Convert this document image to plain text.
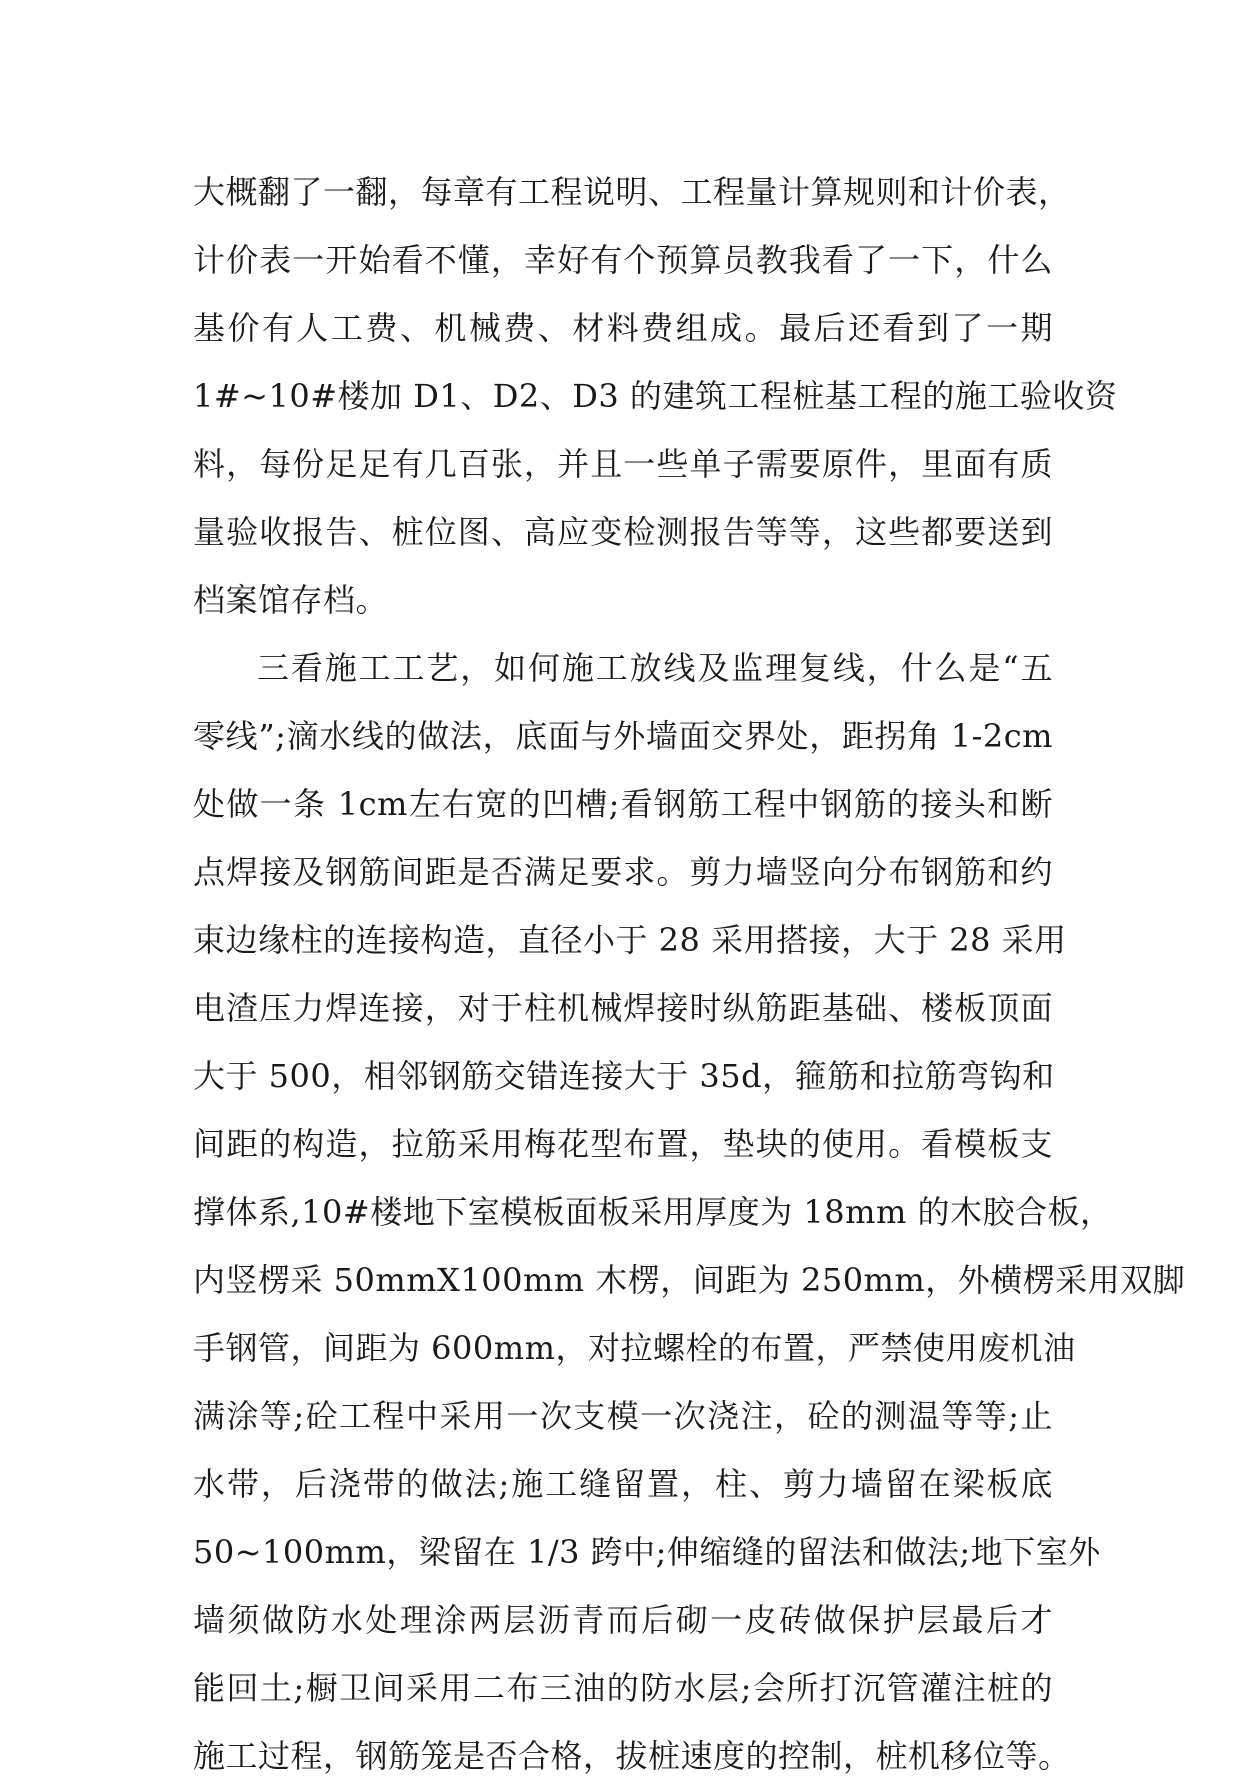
大概翻了一翻，每章有工程说明、工程量计算规则和计价表，
计价表一开始看不懂，幸好有个预算员教我看了一下，什么
基价有人工费、机械费、材料费组成。最后还看到了一期
1#~10#楼加 D1、D2、D3 的建筑工程桩基工程的施工验收资
料，每份足足有几百张，并且一些单子需要原件，里面有质
量验收报告、桩位图、高应变检测报告等等，这些都要送到
档案馆存档。
三看施工工艺，如何施工放线及监理复线，什么是“五
零线”;滴水线的做法，底面与外墙面交界处，距拐角 1-2cm
处做一条 1cm左右宽的凹槽;看钢筋工程中钢筋的接头和断
点焊接及钢筋间距是否满足要求。剪力墙竖向分布钢筋和约
束边缘柱的连接构造，直径小于 28 采用搭接，大于 28 采用
电渣压力焊连接，对于柱机械焊接时纵筋距基础、楼板顶面
大于 500，相邻钢筋交错连接大于 35d，箍筋和拉筋弯钩和
间距的构造，拉筋采用梅花型布置，垫块的使用。看模板支
撑体系,10#楼地下室模板面板采用厚度为 18mm 的木胶合板，
内竖楞采 50mmX100mm 木楞，间距为 250mm，外横楞采用双脚
手钢管，间距为 600mm，对拉螺栓的布置，严禁使用废机油
满涂等;砼工程中采用一次支模一次浇注，砼的测温等等;止
水带，后浇带的做法;施工缝留置，柱、剪力墙留在梁板底
50~100mm，梁留在 1/3 跨中;伸缩缝的留法和做法;地下室外
墙须做防水处理涂两层沥青而后砌一皮砖做保护层最后才
能回土;橱卫间采用二布三油的防水层;会所打沉管灌注桩的
施工过程，钢筋笼是否合格，拔桩速度的控制，桩机移位等。
